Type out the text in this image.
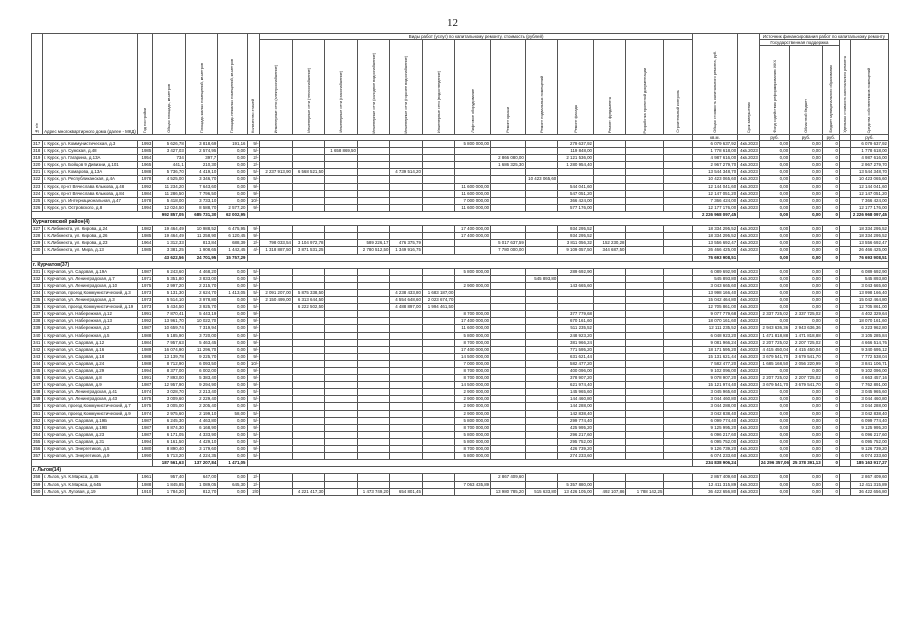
12
№ п/п	Адрес многоквартирного дома (далее - МКД)	Год постройки	Общая площадь, кв.метров	Площадь жилых помещений, кв.метров	Площадь нежилых помещений, кв.метров	Количество этажей	Виды работ (услуг) по капитальному ремонту, стоимость (рублей)													Общая стоимость капитального ремонта, руб.	Срок завершения	Источник финансирования работ по капитальному ремонту				
							Инженерные сети (электроснабжение)	Инженерные сети (теплоснабжение)	Инженерные сети (газоснабжение)	Инженерные сети (холодное водоснабжение)	Инженерные сети (горячее водоснабжение)	Инженерные сети (водоотведение)	Лифтовое оборудование	Ремонт крыши	Ремонт подвальных помещений	Ремонт фасада	Ремонт фундамента	Разработка проектной документации	Строительный контроль			Государственная поддержка			Удельная стоимость капитального ремонта	Средства собственников помещений
																						Фонд содействия реформированию ЖКХ	Областной бюджет	Бюджет муниципального образования		
																				кв.м.		руб.	руб.	руб.		руб.
317	г. Курск, ул. Коммунистическая, д.3	1993	5 626,78	3 818,69	191,16	9/-							5 800 000,00			279 637,92				6 079 637,92	4кв.2023	0,00	0,00	0		6 079 637,92
318	г. Курск, ул. Сумская, д.48	1985	3 427,03	2 574,95	0,00	5/-			1 658 869,50							119 848,00				1 778 618,00	4кв.2023	0,00	0,00	0		1 778 618,00
319	г. Курск, ул. Гагарина, д.13А	1954	734	397,7	0,00	2/-								2 866 080,00		2 121 536,00				4 987 616,00	4кв.2023	0,00	0,00	0		4 987 616,00
320	г. Курск, ул. Бойцов 9 Дивизии, д.101	1965	441,1	210,30	0,00	2/-								1 686 325,30		1 280 954,40				2 967 279,70	4кв.2023	0,00	0,00	0		2 967 279,70
321	г. Курск, ул. Комарова, д.13А	1988	5 736,70	4 419,10	0,00	5/-	2 237 913,90	6 568 521,50			4 739 514,20									13 544 348,70	4кв.2023	0,00	0,00	0		13 544 348,70
322	г. Курск, ул. Республиканская, д.4А	1978	4 525,00	3 346,70	0,00	5/-									10 423 065,60					10 423 065,60	4кв.2023	0,00	0,00	0		10 423 065,60
323	г. Курск, пр-кт Вячеслава Клыкова, д.48	1992	11 234,20	7 643,60	0,00	9/-							11 600 000,00			544 041,60				12 144 041,60	4кв.2023	0,00	0,00	0		12 144 041,60
324	г. Курск, пр-кт Вячеслава Клыкова, д.84	1984	11 286,50	7 796,50	0,00	9/-							11 600 000,00			547 051,20				12 147 051,20	4кв.2023	0,00	0,00	0		12 147 051,20
325	г. Курск, ул. Интернациональная, д.47	1978	5 418,00	3 733,10	0,00	10/-							7 000 000,00			366 424,00				7 366 424,00	4кв.2023	0,00	0,00	0		7 366 424,00
326	г. Курск, ул. Островского, д.8	1994	12 024,50	8 588,70	2 577,20	9/-							11 600 000,00			577 176,00				12 177 176,00	4кв.2023	0,00	0,00	0		12 177 176,00
			992 857,05	685 731,30	62 002,95															2 226 968 097,45		0,00	0,00	0		2 226 968 097,45
Курчатовский район(4)																										
327	г. К.Либкнехта, ул. Кирова, д.24	1982	19 464,49	10 988,52	6 475,95	9/-							17 400 000,00			934 295,52				18 334 295,52	4кв.2023	0,00	0,00	0		18 334 295,52
328	г. К.Либкнехта, ул. Кирова, д.26	1985	19 464,49	11 258,90	6 120,45	9/-							17 400 000,00			934 295,52				18 334 295,52	4кв.2023	0,00	0,00	0		18 334 295,52
329	г. К.Либкнехта, ул. Кирова, д.23	1964	1 312,33	813,84	688,39	2/-	798 033,54	3 104 972,78		589 226,17	476 375,79			5 017 637,59		3 811 056,32	152 230,28			13 556 692,47	4кв.2023	0,00	0,00	0		13 556 692,47
330	г. К.Либкнехта, ул. Мира, д.13	1985	3 381,25	1 908,65	1 442,45	4/-	1 318 887,50	3 871 531,25		2 780 512,50	1 349 916,75			7 780 000,00		9 109 057,50	344 687,50			26 466 425,00	4кв.2023	0,00	0,00	0		26 466 425,00
			43 622,56	24 701,95	15 757,29															76 693 908,51		0,00	0,00	0		76 693 908,51
г. Курчатов(37)																										
331	г. Курчатов, ул. Садовая, д.19А	1987	6 243,60	4 468,20	0,00	5/-							5 800 000,00			289 692,90				6 089 692,90	4кв.2023	0,00	0,00	0		6 089 692,90
332	г. Курчатов, ул. Ленинградская, д.7	1971	5 351,80	3 833,00	0,00	5/-									545 893,80					545 893,80	4кв.2023	0,00	0,00	0		545 893,80
333	г. Курчатов, ул. Ленинградская, д.10	1975	2 997,20	2 215,70	0,00	5/-							2 900 000,00			143 665,60				3 043 665,60	4кв.2023	0,00	0,00	0		3 043 665,60
334	г. Курчатов, проезд Коммунистический, д.3	1973	5 131,30	2 624,70	1 413,05	5/-	2 091 207,00	5 875 338,50			4 238 433,80	1 683 187,00								13 998 166,40	4кв.2023	0,00	0,00	0		13 998 166,40
335	г. Курчатов, ул. Ленинградская, д.3	1973	5 514,10	3 978,80	0,00	5/-	2 150 499,00	6 313 644,50			4 554 648,60	2 023 674,70								15 042 464,80	4кв.2023	0,00	0,00	0		15 042 464,80
336	г. Курчатов, проезд Коммунистический, д.19	1973	5 434,50	3 925,70	0,00	5/-		6 222 502,50			4 488 897,00	1 994 461,50								12 705 861,00	4кв.2023	0,00	0,00	0		12 705 861,00
337	г. Курчатов, ул. Набережная, д.12	1991	7 870,41	5 443,19	0,00	9/-							8 700 000,00			377 779,68				9 077 779,68	4кв.2023	2 337 725,02	2 337 725,02	0		4 402 329,64
338	г. Курчатов, ул. Набережная, д.13	1992	13 961,70	10 022,70	0,00	9/-							17 400 000,00			670 161,60				18 070 161,60	4кв.2023	0,00	0,00	0		18 070 161,60
339	г. Курчатов, ул. Набережная, д.2	1987	10 659,74	7 319,94	0,00	9/-							11 600 000,00			511 235,52				12 111 235,52	4кв.2023	2 943 636,36	2 943 636,36	0		6 223 962,80
340	г. Курчатов, ул. Набережная, д.5	1988	5 185,90	3 720,00	0,00	5/-							5 800 000,00			248 923,20				6 048 923,20	4кв.2023	1 471 818,88	1 471 818,88	0		3 105 285,84
341	г. Курчатов, ул. Садовая, д.12	1984	7 957,63	5 463,45	0,00	9/-							8 700 000,00			381 966,24				9 081 966,24	4кв.2023	2 207 725,02	2 207 725,02	0		4 666 514,76
342	г. Курчатов, ул. Садовая, д.16	1989	16 074,90	11 296,70	0,00	9/-							17 400 000,00			771 595,20				18 171 595,20	4кв.2023	4 415 450,04	4 415 450,04	0		9 340 695,12
343	г. Курчатов, ул. Садовая, д.18	1988	13 139,78	9 225,70	0,00	9/-							14 500 000,00			631 621,44				15 131 621,44	4кв.2023	3 679 541,70	3 679 541,70	0		7 772 538,04
344	г. Курчатов, ул. Садовая, д.24	1988	8 712,90	6 093,50	0,00	10/-							7 000 000,00			582 477,20				7 582 477,20	4кв.2023	1 685 168,50	2 056 220,99	0		3 841 106,71
345	г. Курчатов, ул. Садовая, д.29	1994	8 377,00	6 002,00	0,00	9/-							8 700 000,00			400 096,00				9 102 096,00	4кв.2023	0,00	0,00	0		9 102 096,00
346	г. Курчатов, ул. Садовая, д.8	1991	7 893,00	5 383,40	0,00	9/-							8 700 000,00			378 907,20				9 078 907,20	4кв.2023	2 207 725,02	2 207 725,02	0		4 663 457,16
347	г. Курчатов, ул. Садовая, д.9	1987	12 957,90	9 294,90	0,00	9/-							14 500 000,00			621 974,40				15 121 974,40	4кв.2023	3 679 541,70	3 679 541,70	0		7 762 891,00
348	г. Курчатов, ул. Ленинградская, д.41	1974	3 028,70	2 213,40	0,00	5/-							2 900 000,00			145 965,60				3 045 965,60	4кв.2023	0,00	0,00	0		3 045 965,60
349	г. Курчатов, ул. Ленинградская, д.43	1975	3 009,60	2 229,40	0,00	5/-							2 900 000,00			144 460,80				3 044 460,80	4кв.2023	0,00	0,00	0		3 044 460,80
350	г. Курчатов, проезд Коммунистический, д.7	1975	3 005,00	2 205,40	0,00	5/-							2 900 000,00			144 288,00				3 044 288,00	4кв.2023	0,00	0,00	0		3 044 288,00
351	г. Курчатов, проезд Коммунистический, д.9	1974	2 975,60	2 199,10	58,00	5/-							2 900 000,00			142 838,40				3 042 838,40	4кв.2023	0,00	0,00	0		3 042 838,40
352	г. Курчатов, ул. Садовая, д.19Б	1987	6 245,30	4 463,80	0,00	5/-							5 800 000,00			299 774,40				6 099 774,40	4кв.2023	0,00	0,00	0		6 099 774,40
353	г. Курчатов, ул. Садовая, д.19В	1987	8 874,30	6 168,90	0,00	9/-							8 700 000,00			425 995,20				9 125 995,20	4кв.2023	0,00	0,00	0		9 125 995,20
354	г. Курчатов, ул. Садовая, д.23	1987	6 171,05	4 333,90	0,00	5/-							5 800 000,00			296 217,60				6 096 217,60	4кв.2023	0,00	0,00	0		6 096 217,60
355	г. Курчатов, ул. Садовая, д.31	1994	6 161,50	4 429,10	0,00	5/-							5 800 000,00			295 752,00				6 095 752,00	4кв.2023	0,00	0,00	0		6 095 752,00
356	г. Курчатов, ул. Энергетиков, д.5	1980	8 890,40	3 179,60	0,00	9/-							8 700 000,00			426 739,20				9 126 739,20	4кв.2023	0,00	0,00	0		9 126 739,20
357	г. Курчатов, ул. Энергетиков, д.9	1990	5 713,20	4 224,35	0,00	5/-							5 800 000,00			274 233,60				6 074 233,60	4кв.2023	0,00	0,00	0		6 074 233,60
			187 561,63	137 207,84	1 471,05															234 838 906,24		24 296 357,06	25 378 391,13	0		185 163 917,27
г. Льгов(14)																										
358	г. Льгов, ул. К.Маркса, д.45	1961	957,40	647,00	0,00	2/-								2 867 409,60						2 867 409,60	4кв.2023	0,00	0,00	0		2 867 409,60
359	г. Льгов, ул. К.Маркса, д.64Б	1988	1 845,85	1 089,05	645,30	2/-							7 063 435,89			5 357 880,00				12 411 315,89	4кв.2023	0,00	0,00	0		12 411 315,89
360	г. Льгов, ул. Луговая, д.19	1910	1 784,20	812,70	0,00	2/0		4 221 417,30		1 473 749,20	654 801,45			13 980 785,20	515 633,80	13 426 105,00	492 107,86	1 788 142,25		36 422 656,80	4кв.2023	0,00	0,00	0		36 422 656,80
